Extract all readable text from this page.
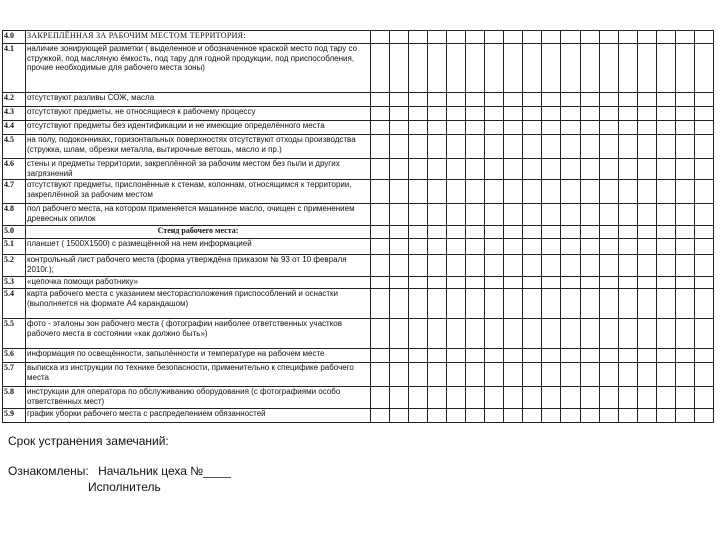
4.0	ЗАКРЕПЛЁННАЯ ЗА РАБОЧИМ МЕСТОМ ТЕРРИТОРИЯ:																		
4.1	наличие зонирующей разметки ( выделенное и обозначенное краской место под тару со стружкой, под масляную ёмкость, под тару для годной продукции, под приспособления, прочие необходимые для рабочего места зоны)																		
4.2	отсутствуют разливы СОЖ, масла																		
4.3	отсутствуют предметы, не относящиеся к рабочему процессу																		
4.4	отсутствуют предметы без идентификации и не имеющие определённого места																		
4.5	на полу, подоконниках, горизонтальных поверхностях отсутствуют отходы производства (стружка, шлам, обрезки металла, вытирочные ветошь, масло и пр.)																		
4.6	стены и предметы территории, закреплённой за рабочим местом без пыли и других загрязнений																		
4.7	отсутствуют предметы, прислонённые к стенам, колоннам, относящимся к территории, закреплённой за рабочим местом																		
4.8	пол рабочего места, на котором применяется машинное масло, очищен с применением древесных опилок																		
5.0	Стенд рабочего места:																		
5.1	планшет ( 1500Х1500) с размещённой на нем информацией																		
5.2	контрольный лист рабочего места (форма утверждёна приказом № 93 от 10 февраля 2010г.);																		
5.3	«цепочка помощи работнику»																		
5.4	карта рабочего места с указанием месторасположения приспособлений и оснастки (выполняется на формате А4 карандашом)																		
5.5	фото - эталоны зон рабочего места ( фотографии наиболее ответственных участков рабочего места в состоянии «как должно быть»)																		
5.6	информация по освещённости, запылённости и температуре на рабочем месте																		
5.7	выписка из инструкции по технике безопасности, применительно к специфике рабочего места																		
5.8	инструкции для оператора по обслуживанию оборудования (с фотографиями особо ответственных мест)																		
5.9	график уборки рабочего места с распределением обязанностей																		
Срок устранения замечаний:
Ознакомлены: Начальник цеха №
Исполнитель
